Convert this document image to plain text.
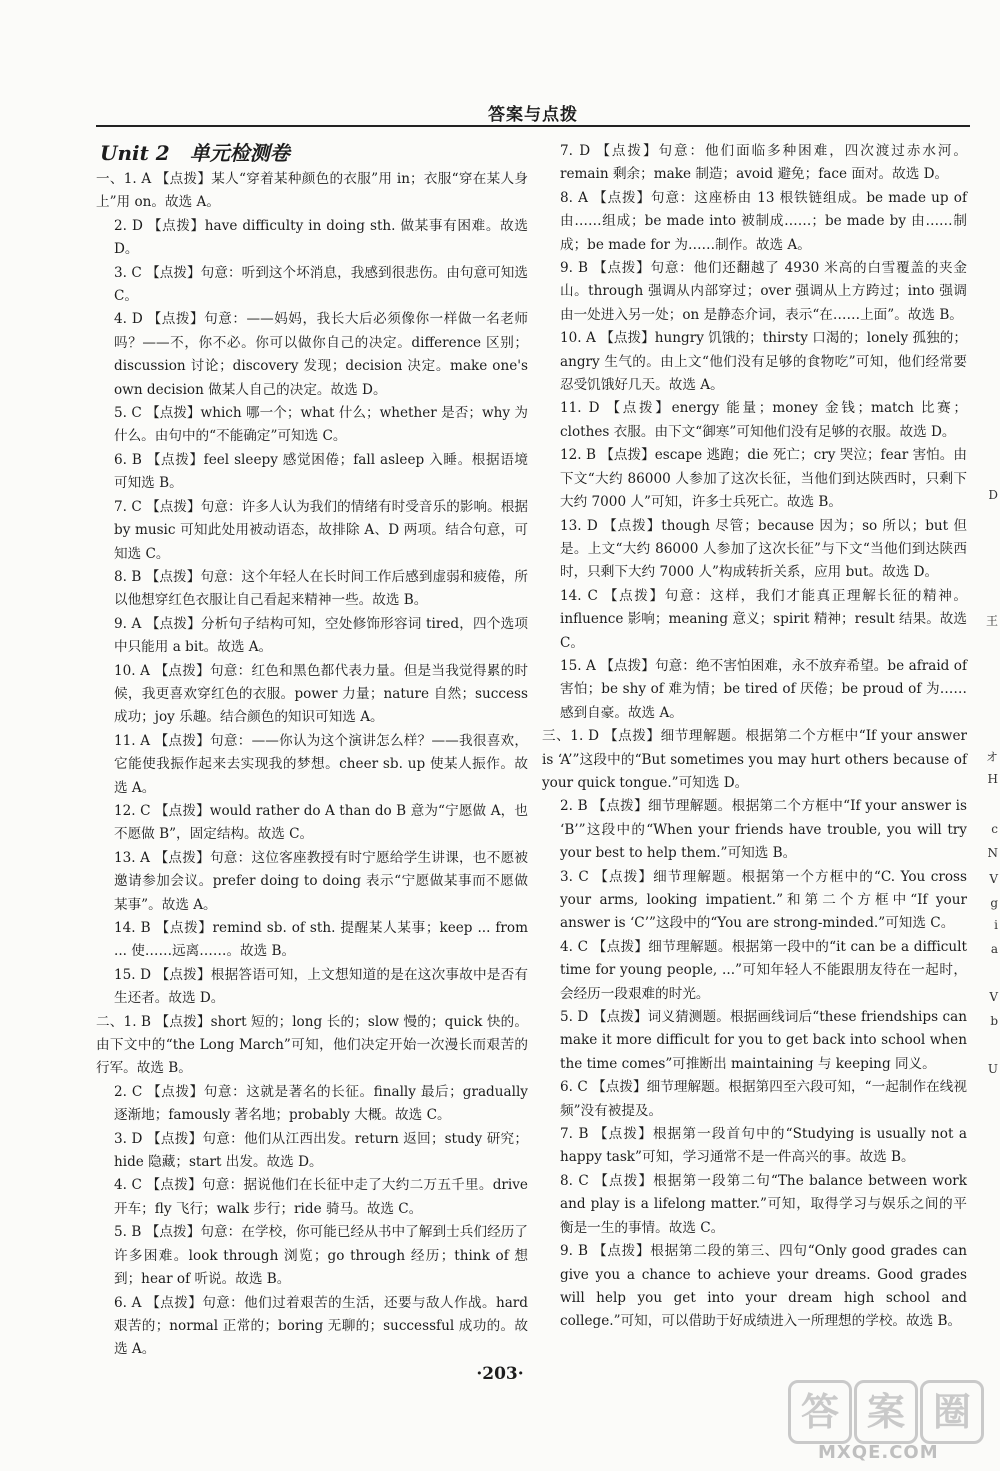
答案与点拨
Unit 2　单元检测卷

一、1. A 【点拨】某人“穿着某种颜色的衣服”用 in；衣服“穿在某人身上”用 on。故选 A。

2. D 【点拨】have difficulty in doing sth. 做某事有困难。故选 D。

3. C 【点拨】句意：听到这个坏消息，我感到很悲伤。由句意可知选 C。

4. D 【点拨】句意：——妈妈，我长大后必须像你一样做一名老师吗？——不，你不必。你可以做你自己的决定。difference 区别；discussion 讨论；discovery 发现；decision 决定。make one's own decision 做某人自己的决定。故选 D。

5. C 【点拨】which 哪一个；what 什么；whether 是否；why 为什么。由句中的“不能确定”可知选 C。

6. B 【点拨】feel sleepy 感觉困倦；fall asleep 入睡。根据语境可知选 B。

7. C 【点拨】句意：许多人认为我们的情绪有时受音乐的影响。根据 by music 可知此处用被动语态，故排除 A、D 两项。结合句意，可知选 C。

8. B 【点拨】句意：这个年轻人在长时间工作后感到虚弱和疲倦，所以他想穿红色衣服让自己看起来精神一些。故选 B。

9. A 【点拨】分析句子结构可知，空处修饰形容词 tired，四个选项中只能用 a bit。故选 A。

10. A 【点拨】句意：红色和黑色都代表力量。但是当我觉得累的时候，我更喜欢穿红色的衣服。power 力量；nature 自然；success 成功；joy 乐趣。结合颜色的知识可知选 A。

11. A 【点拨】句意：——你认为这个演讲怎么样？——我很喜欢，它能使我振作起来去实现我的梦想。cheer sb. up 使某人振作。故选 A。

12. C 【点拨】would rather do A than do B 意为“宁愿做 A，也不愿做 B”，固定结构。故选 C。

13. A 【点拨】句意：这位客座教授有时宁愿给学生讲课，也不愿被邀请参加会议。prefer doing to doing 表示“宁愿做某事而不愿做某事”。故选 A。

14. B 【点拨】remind sb. of sth. 提醒某人某事；keep ... from ... 使……远离……。故选 B。

15. D 【点拨】根据答语可知，上文想知道的是在这次事故中是否有生还者。故选 D。

二、1. B 【点拨】short 短的；long 长的；slow 慢的；quick 快的。由下文中的“the Long March”可知，他们决定开始一次漫长而艰苦的行军。故选 B。

2. C 【点拨】句意：这就是著名的长征。finally 最后；gradually 逐渐地；famously 著名地；probably 大概。故选 C。

3. D 【点拨】句意：他们从江西出发。return 返回；study 研究；hide 隐藏；start 出发。故选 D。

4. C 【点拨】句意：据说他们在长征中走了大约二万五千里。drive 开车；fly 飞行；walk 步行；ride 骑马。故选 C。

5. B 【点拨】句意：在学校，你可能已经从书中了解到士兵们经历了许多困难。look through 浏览；go through 经历；think of 想到；hear of 听说。故选 B。

6. A 【点拨】句意：他们过着艰苦的生活，还要与敌人作战。hard 艰苦的；normal 正常的；boring 无聊的；successful 成功的。故选 A。

7. D 【点拨】句意：他们面临多种困难，四次渡过赤水河。remain 剩余；make 制造；avoid 避免；face 面对。故选 D。

8. A 【点拨】句意：这座桥由 13 根铁链组成。be made up of 由……组成；be made into 被制成……；be made by 由……制成；be made for 为……制作。故选 A。

9. B 【点拨】句意：他们还翻越了 4930 米高的白雪覆盖的夹金山。through 强调从内部穿过；over 强调从上方跨过；into 强调由一处进入另一处；on 是静态介词，表示“在……上面”。故选 B。

10. A 【点拨】hungry 饥饿的；thirsty 口渴的；lonely 孤独的；angry 生气的。由上文“他们没有足够的食物吃”可知，他们经常要忍受饥饿好几天。故选 A。

11. D 【点拨】energy 能量；money 金钱；match 比赛；clothes 衣服。由下文“御寒”可知他们没有足够的衣服。故选 D。

12. B 【点拨】escape 逃跑；die 死亡；cry 哭泣；fear 害怕。由下文“大约 86000 人参加了这次长征，当他们到达陕西时，只剩下大约 7000 人”可知，许多士兵死亡。故选 B。

13. D 【点拨】though 尽管；because 因为；so 所以；but 但是。上文“大约 86000 人参加了这次长征”与下文“当他们到达陕西时，只剩下大约 7000 人”构成转折关系，应用 but。故选 D。

14. C 【点拨】句意：这样，我们才能真正理解长征的精神。influence 影响；meaning 意义；spirit 精神；result 结果。故选 C。

15. A 【点拨】句意：绝不害怕困难，永不放弃希望。be afraid of 害怕；be shy of 难为情；be tired of 厌倦；be proud of 为……感到自豪。故选 A。

三、1. D 【点拨】细节理解题。根据第二个方框中“If your answer is ‘A’”这段中的“But sometimes you may hurt others because of your quick tongue.”可知选 D。

2. B 【点拨】细节理解题。根据第二个方框中“If your answer is ‘B’”这段中的“When your friends have trouble, you will try your best to help them.”可知选 B。

3. C 【点拨】细节理解题。根据第一个方框中的“C. You cross your arms, looking impatient.”和第二个方框中“If your answer is ‘C’”这段中的“You are strong-minded.”可知选 C。

4. C 【点拨】细节理解题。根据第一段中的“it can be a difficult time for young people, ...”可知年轻人不能跟朋友待在一起时，会经历一段艰难的时光。

5. D 【点拨】词义猜测题。根据画线词后“these friendships can make it more difficult for you to get back into school when the time comes”可推断出 maintaining 与 keeping 同义。

6. C 【点拨】细节理解题。根据第四至六段可知，“一起制作在线视频”没有被提及。

7. B 【点拨】根据第一段首句中的“Studying is usually not a happy task”可知，学习通常不是一件高兴的事。故选 B。

8. C 【点拨】根据第一段第二句“The balance between work and play is a lifelong matter.”可知，取得学习与娱乐之间的平衡是一生的事情。故选 C。

9. B 【点拨】根据第二段的第三、四句“Only good grades can give you a chance to achieve your dreams. Good grades will help you get into your dream high school and college.”可知，可以借助于好成绩进入一所理想的学校。故选 B。

D
王
オ
H
c
N
V
g
i
a
V
b
U
·203·
答 案 圈
MXQE.COM
